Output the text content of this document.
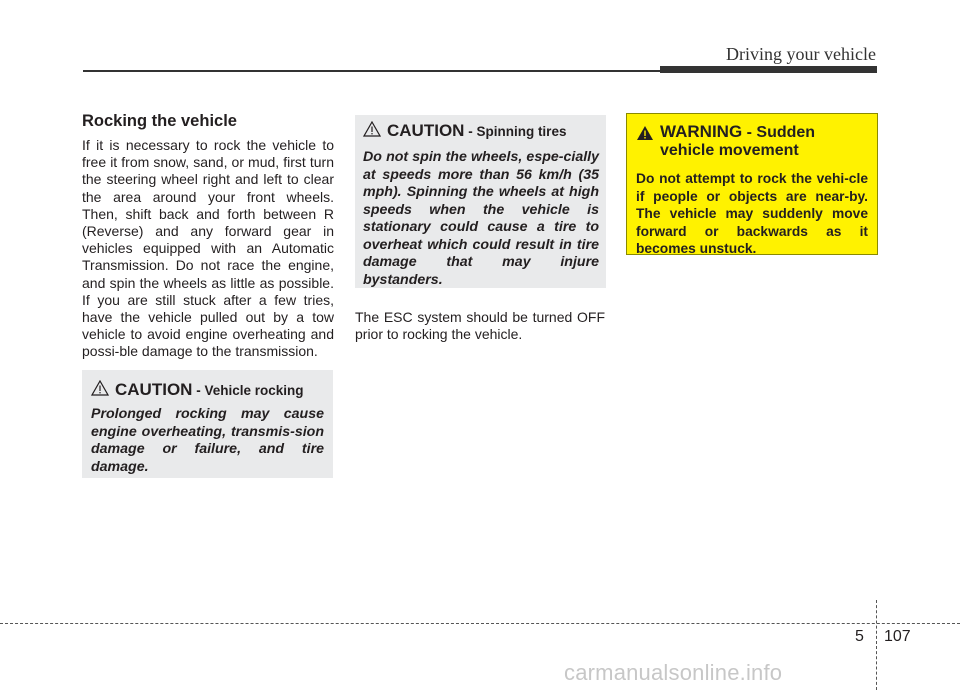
Driving your vehicle
Rocking the vehicle

If it is necessary to rock the vehicle to free it from snow, sand, or mud, first turn the steering wheel right and left to clear the area around your front wheels. Then, shift back and forth between R (Reverse) and any forward gear in vehicles equipped with an Automatic Transmission. Do not race the engine, and spin the wheels as little as possible. If you are still stuck after a few tries, have the vehicle pulled out by a tow vehicle to avoid engine overheating and possi-ble damage to the transmission.

CAUTION - Vehicle rocking

Prolonged rocking may cause engine overheating, transmis-sion damage or failure, and tire damage.

CAUTION - Spinning tires

Do not spin the wheels, espe-cially at speeds more than 56 km/h (35 mph). Spinning the wheels at high speeds when the vehicle is stationary could cause a tire to overheat which could result in tire damage that may injure bystanders.

The ESC system should be turned OFF prior to rocking the vehicle.

WARNING - Sudden vehicle movement

Do not attempt to rock the vehi-cle if people or objects are near-by. The vehicle may suddenly move forward or backwards as it becomes unstuck.

5 107
carmanualsonline.info
